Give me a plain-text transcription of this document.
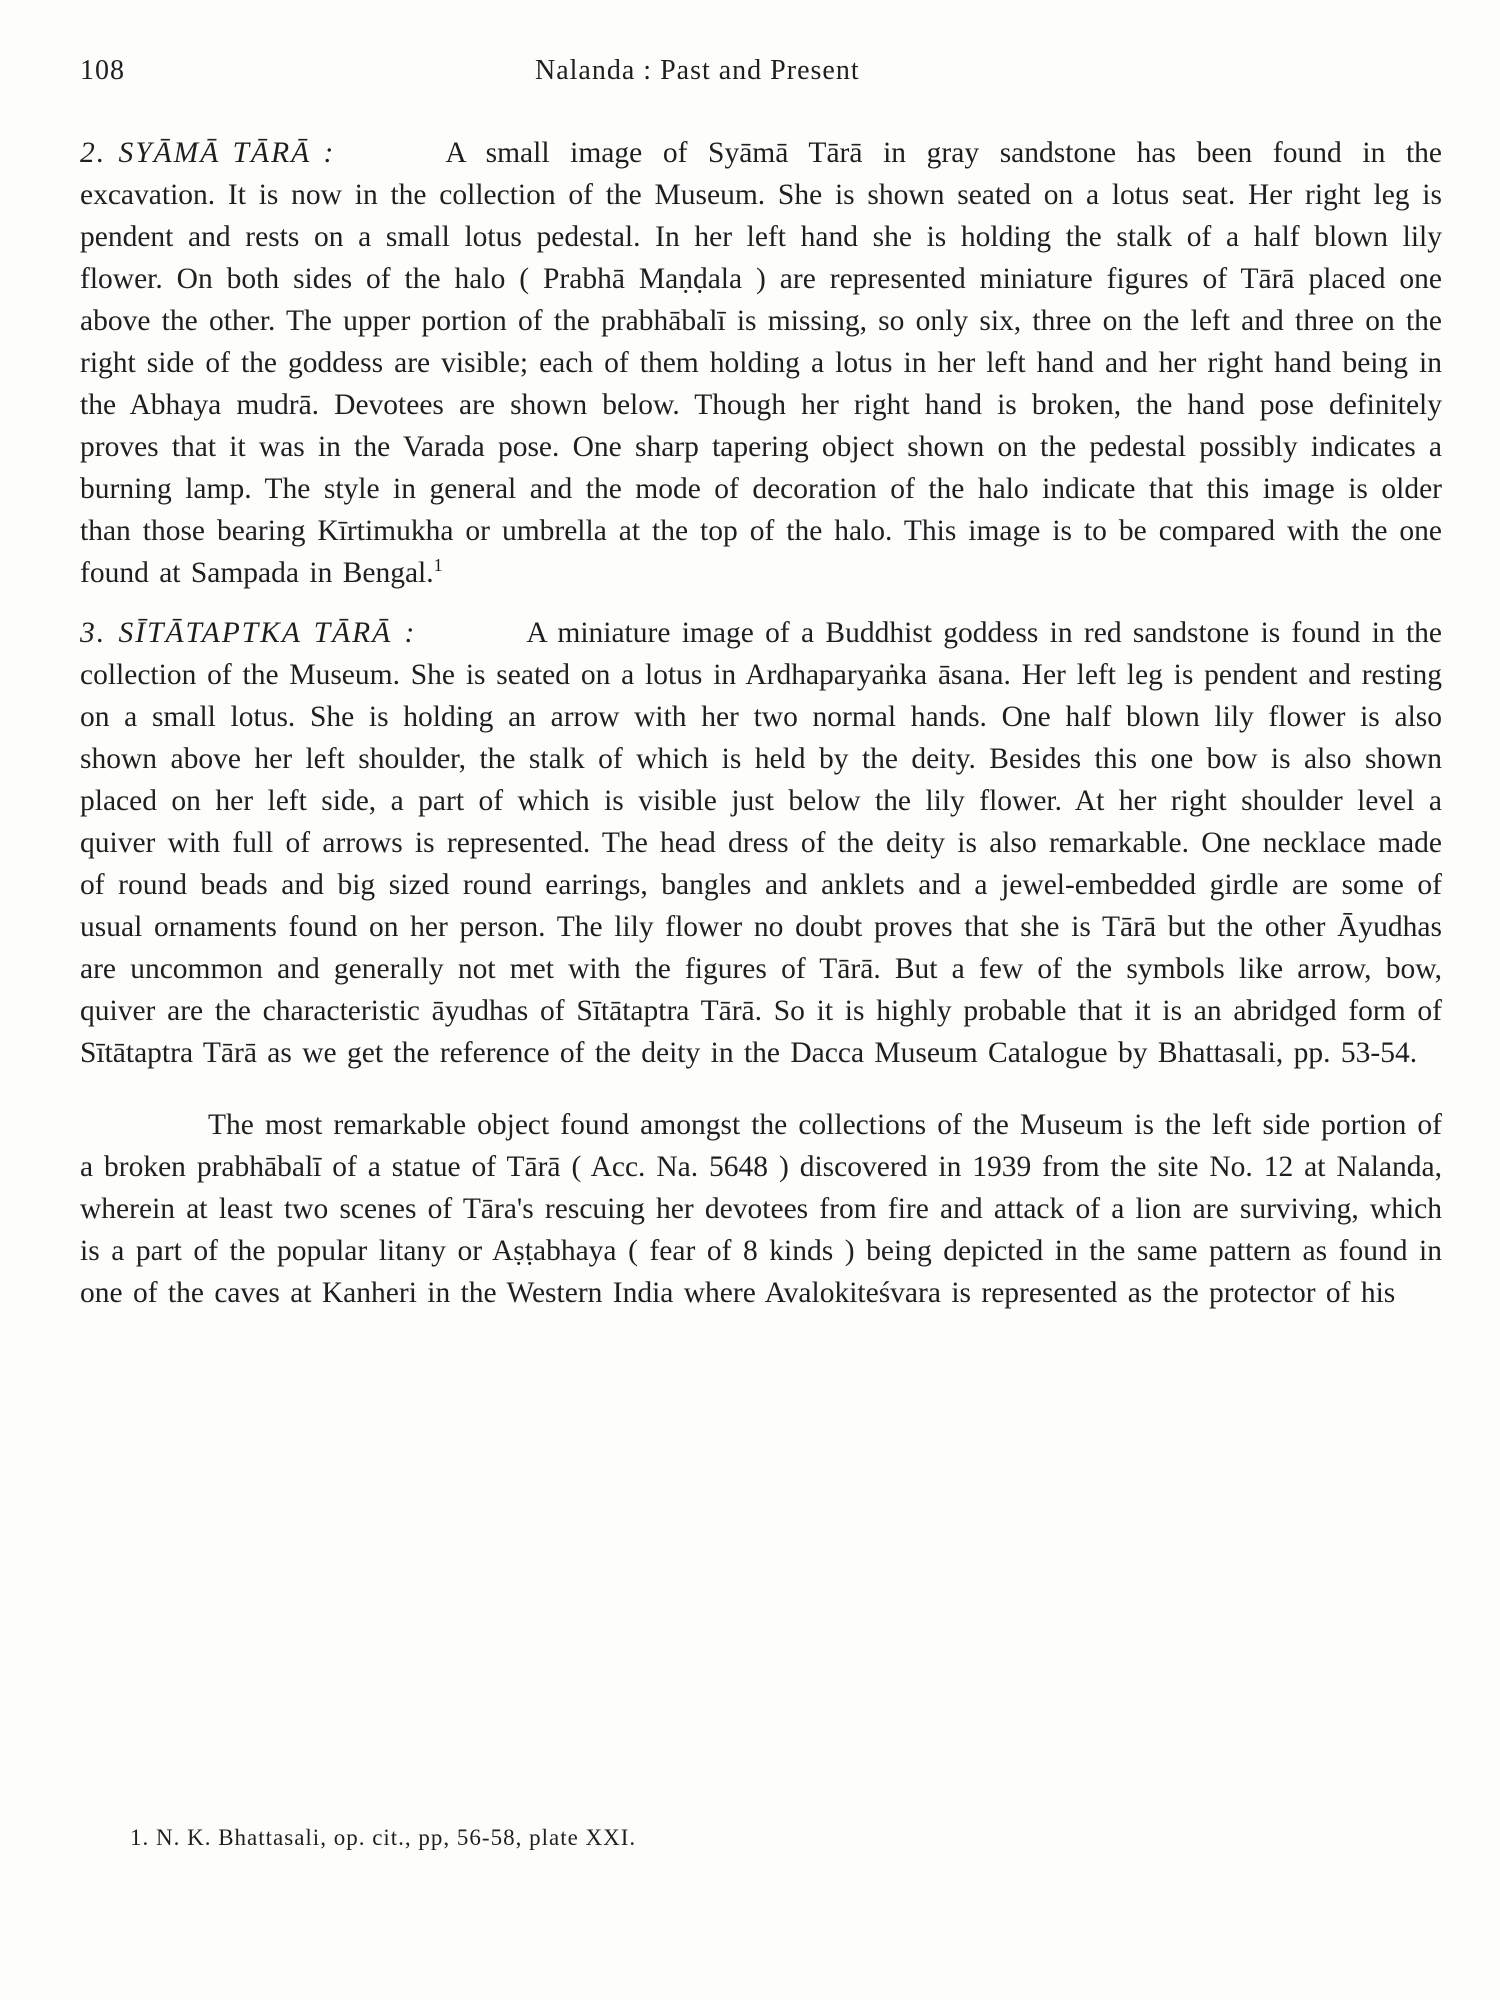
108	Nalanda : Past and Present

2. SYĀMĀ TĀRĀ :	A small image of Syāmā Tārā in gray sandstone has been found in the excavation. It is now in the collection of the Museum. She is shown seated on a lotus seat. Her right leg is pendent and rests on a small lotus pedestal. In her left hand she is holding the stalk of a half blown lily flower. On both sides of the halo ( Prabhā Maṇḍala ) are represented miniature figures of Tārā placed one above the other. The upper portion of the prabhābalī is missing, so only six, three on the left and three on the right side of the goddess are visible; each of them holding a lotus in her left hand and her right hand being in the Abhaya mudrā. Devotees are shown below. Though her right hand is broken, the hand pose definitely proves that it was in the Varada pose. One sharp tapering object shown on the pedestal possibly indicates a burning lamp. The style in general and the mode of decoration of the halo indicate that this image is older than those bearing Kīrtimukha or umbrella at the top of the halo. This image is to be compared with the one found at Sampada in Bengal.$^1$

3. SĪTĀTAPTKA TĀRĀ :	A miniature image of a Buddhist goddess in red sandstone is found in the collection of the Museum. She is seated on a lotus in Ardhaparyaṅka āsana. Her left leg is pendent and resting on a small lotus. She is holding an arrow with her two normal hands. One half blown lily flower is also shown above her left shoulder, the stalk of which is held by the deity. Besides this one bow is also shown placed on her left side, a part of which is visible just below the lily flower. At her right shoulder level a quiver with full of arrows is represented. The head dress of the deity is also remarkable. One necklace made of round beads and big sized round earrings, bangles and anklets and a jewel-embedded girdle are some of usual ornaments found on her person. The lily flower no doubt proves that she is Tārā but the other Āyudhas are uncommon and generally not met with the figures of Tārā. But a few of the symbols like arrow, bow, quiver are the characteristic āyudhas of Sītātaptra Tārā. So it is highly probable that it is an abridged form of Sītātaptra Tārā as we get the reference of the deity in the Dacca Museum Catalogue by Bhattasali, pp. 53-54.

The most remarkable object found amongst the collections of the Museum is the left side portion of a broken prabhābalī of a statue of Tārā ( Acc. Na. 5648 ) discovered in 1939 from the site No. 12 at Nalanda, wherein at least two scenes of Tāra's rescuing her devotees from fire and attack of a lion are surviving, which is a part of the popular litany or Aṣṭabhaya ( fear of 8 kinds ) being depicted in the same pattern as found in one of the caves at Kanheri in the Western India where Avalokiteśvara is represented as the protector of his

1. N. K. Bhattasali, op. cit., pp, 56-58, plate XXI.
